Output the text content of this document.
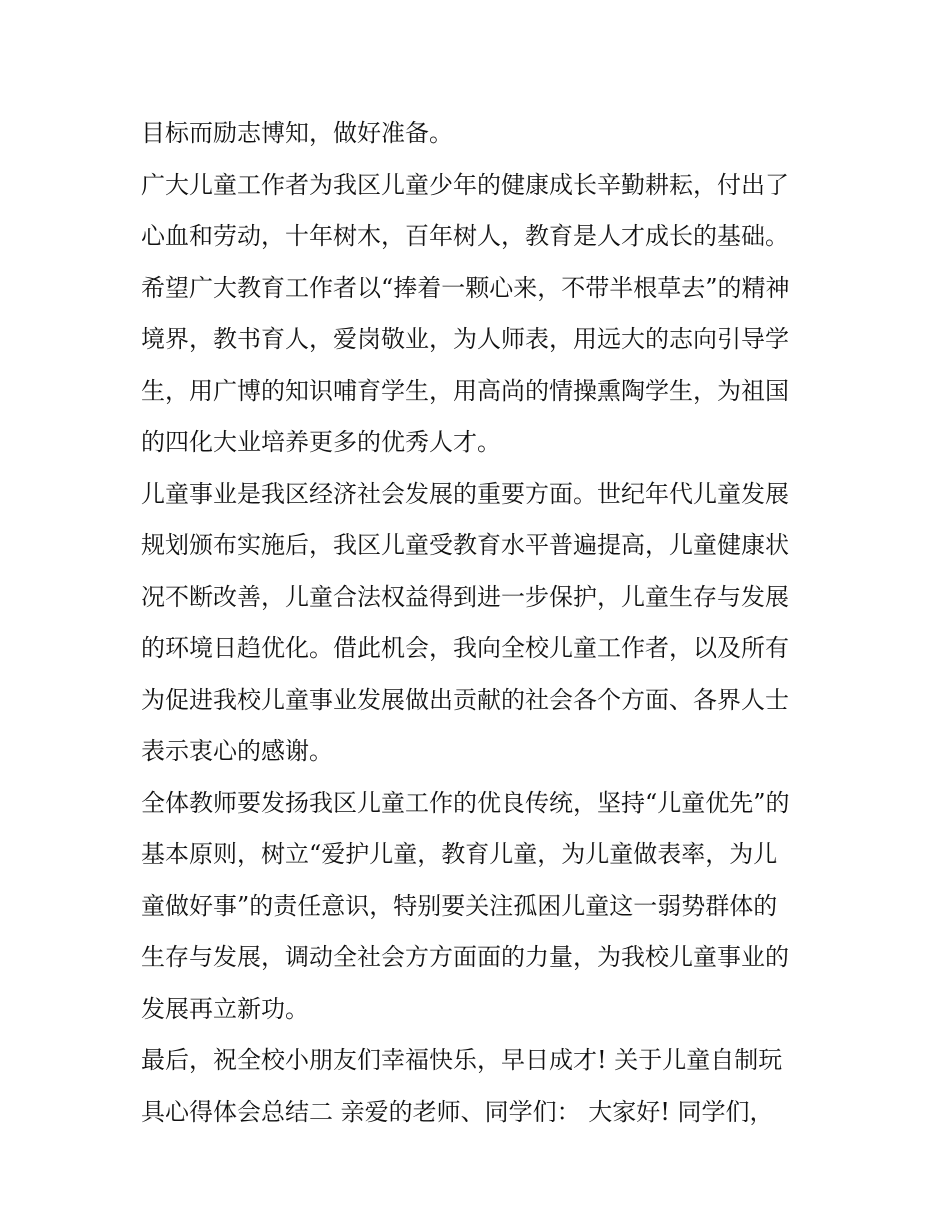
目标而励志博知，做好准备。
广大儿童工作者为我区儿童少年的健康成长辛勤耕耘，付出了
心血和劳动，十年树木，百年树人，教育是人才成长的基础。
希望广大教育工作者以“捧着一颗心来，不带半根草去”的精神
境界，教书育人，爱岗敬业，为人师表，用远大的志向引导学
生，用广博的知识哺育学生，用高尚的情操熏陶学生，为祖国
的四化大业培养更多的优秀人才。
儿童事业是我区经济社会发展的重要方面。世纪年代儿童发展
规划颁布实施后，我区儿童受教育水平普遍提高，儿童健康状
况不断改善，儿童合法权益得到进一步保护，儿童生存与发展
的环境日趋优化。借此机会，我向全校儿童工作者，以及所有
为促进我校儿童事业发展做出贡献的社会各个方面、各界人士
表示衷心的感谢。
全体教师要发扬我区儿童工作的优良传统，坚持“儿童优先”的
基本原则，树立“爱护儿童，教育儿童，为儿童做表率，为儿
童做好事”的责任意识，特别要关注孤困儿童这一弱势群体的
生存与发展，调动全社会方方面面的力量，为我校儿童事业的
发展再立新功。
最后，祝全校小朋友们幸福快乐，早日成才! 关于儿童自制玩
具心得体会总结二 亲爱的老师、同学们： 大家好! 同学们，
